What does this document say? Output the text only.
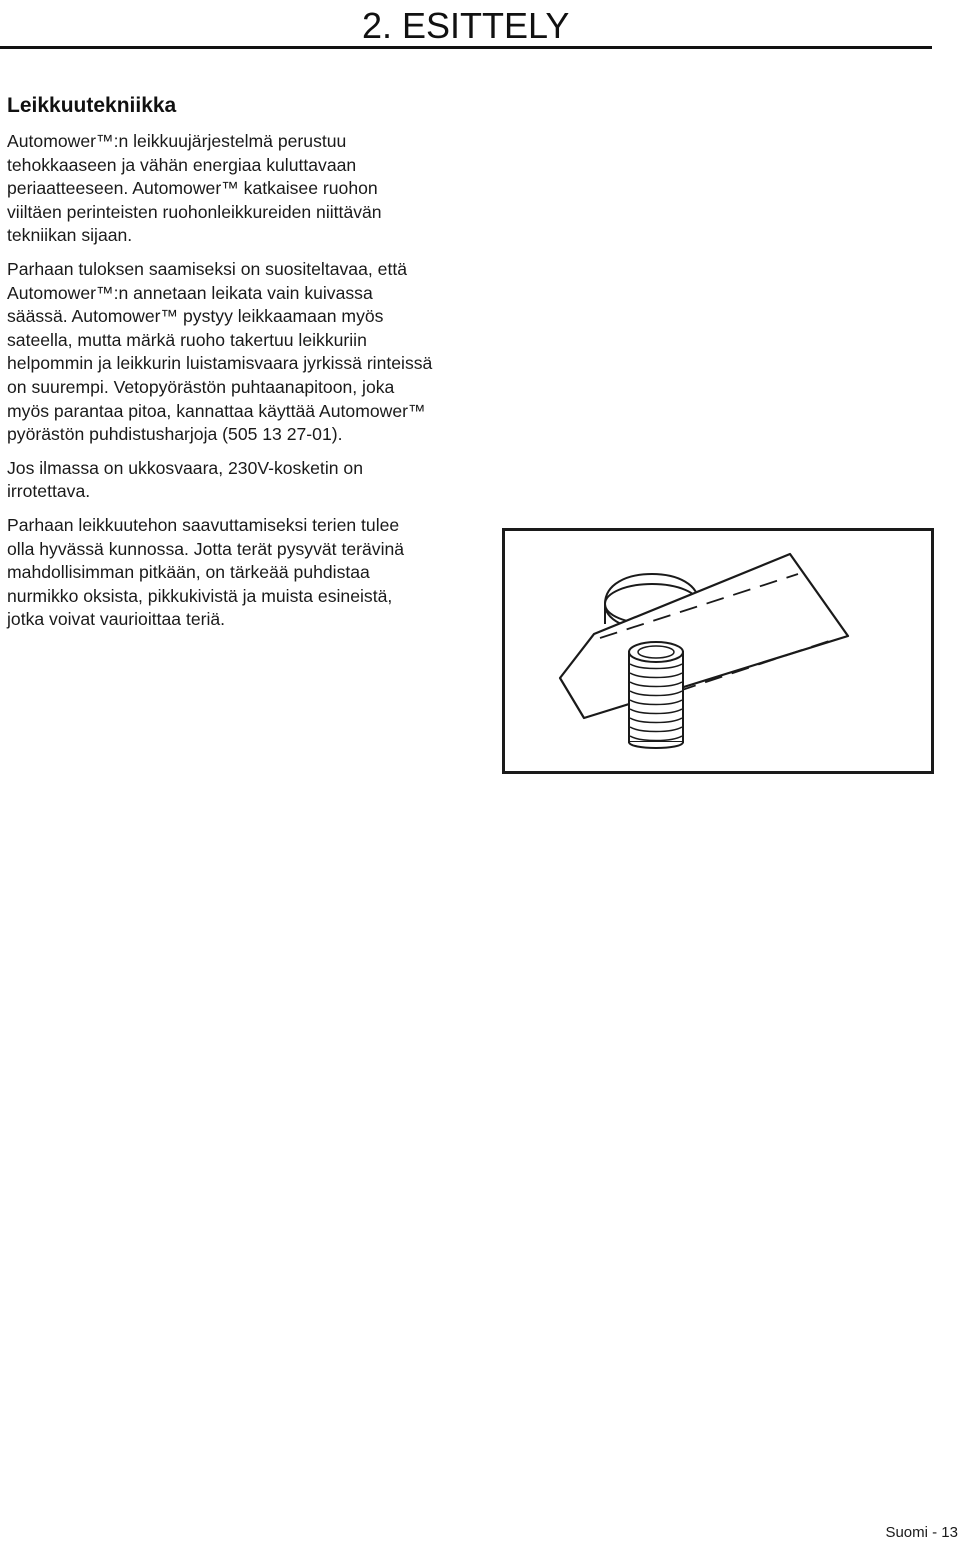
2. ESITTELY
Leikkuutekniikka

Automower™:n leikkuujärjestelmä perustuu
tehokkaaseen ja vähän energiaa kuluttavaan
periaatteeseen. Automower™ katkaisee ruohon
viiltäen perinteisten ruohonleikkureiden niittävän
tekniikan sijaan.

Parhaan tuloksen saamiseksi on suositeltavaa, että
Automower™:n annetaan leikata vain kuivassa
säässä. Automower™ pystyy leikkaamaan myös
sateella, mutta märkä ruoho takertuu leikkuriin
helpommin ja leikkurin luistamisvaara jyrkissä rinteissä
on suurempi. Vetopyörästön puhtaanapitoon, joka
myös parantaa pitoa, kannattaa käyttää Automower™
pyörästön puhdistusharjoja (505 13 27-01).

Jos ilmassa on ukkosvaara, 230V-kosketin on
irrotettava.

Parhaan leikkuutehon saavuttamiseksi terien tulee
olla hyvässä kunnossa. Jotta terät pysyvät terävinä
mahdollisimman pitkään, on tärkeää puhdistaa
nurmikko oksista, pikkukivistä ja muista esineistä,
jotka voivat vaurioittaa teriä.

Suomi - 13
